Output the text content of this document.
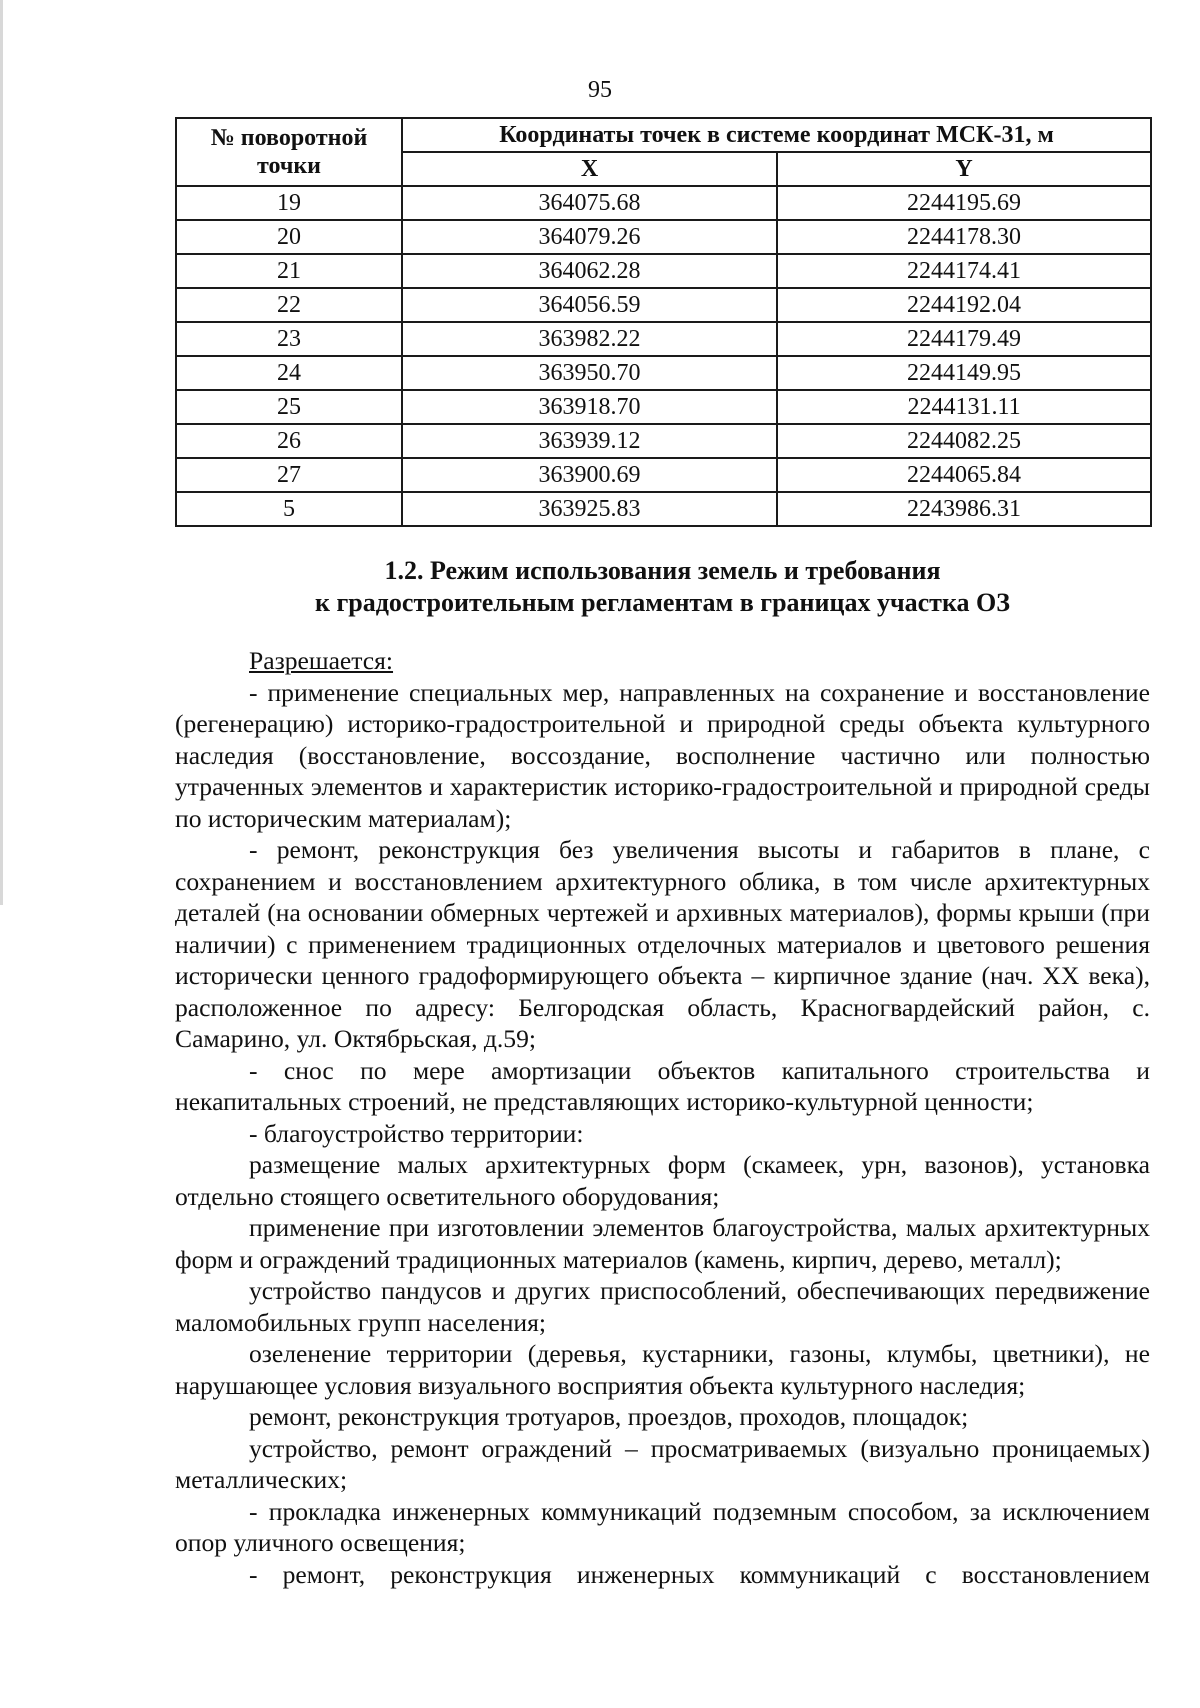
95
№ поворотной точки	Координаты точек в системе координат МСК-31, м	
	X	Y
19	364075.68	2244195.69
20	364079.26	2244178.30
21	364062.28	2244174.41
22	364056.59	2244192.04
23	363982.22	2244179.49
24	363950.70	2244149.95
25	363918.70	2244131.11
26	363939.12	2244082.25
27	363900.69	2244065.84
5	363925.83	2243986.31
1.2. Режим использования земель и требования
к градостроительным регламентам в границах участка ОЗ

Разрешается:

- применение специальных мер, направленных на сохранение и восстановление (регенерацию) историко-градостроительной и природной среды объекта культурного наследия (восстановление, воссоздание, восполнение частично или полностью утраченных элементов и характеристик историко-градостроительной и природной среды по историческим материалам);

- ремонт, реконструкция без увеличения высоты и габаритов в плане, с сохранением и восстановлением архитектурного облика, в том числе архитектурных деталей (на основании обмерных чертежей и архивных материалов), формы крыши (при наличии) с применением традиционных отделочных материалов и цветового решения исторически ценного градоформирующего объекта – кирпичное здание (нач. XX века), расположенное по адресу: Белгородская область, Красногвардейский район, с. Самарино, ул. Октябрьская, д.59;

- снос по мере амортизации объектов капитального строительства и некапитальных строений, не представляющих историко-культурной ценности;

- благоустройство территории:

размещение малых архитектурных форм (скамеек, урн, вазонов), установка отдельно стоящего осветительного оборудования;

применение при изготовлении элементов благоустройства, малых архитектурных форм и ограждений традиционных материалов (камень, кирпич, дерево, металл);

устройство пандусов и других приспособлений, обеспечивающих передвижение маломобильных групп населения;

озеленение территории (деревья, кустарники, газоны, клумбы, цветники), не нарушающее условия визуального восприятия объекта культурного наследия;

ремонт, реконструкция тротуаров, проездов, проходов, площадок;

устройство, ремонт ограждений – просматриваемых (визуально проницаемых) металлических;

- прокладка инженерных коммуникаций подземным способом, за исключением опор уличного освещения;

- ремонт, реконструкция инженерных коммуникаций с восстановлением
